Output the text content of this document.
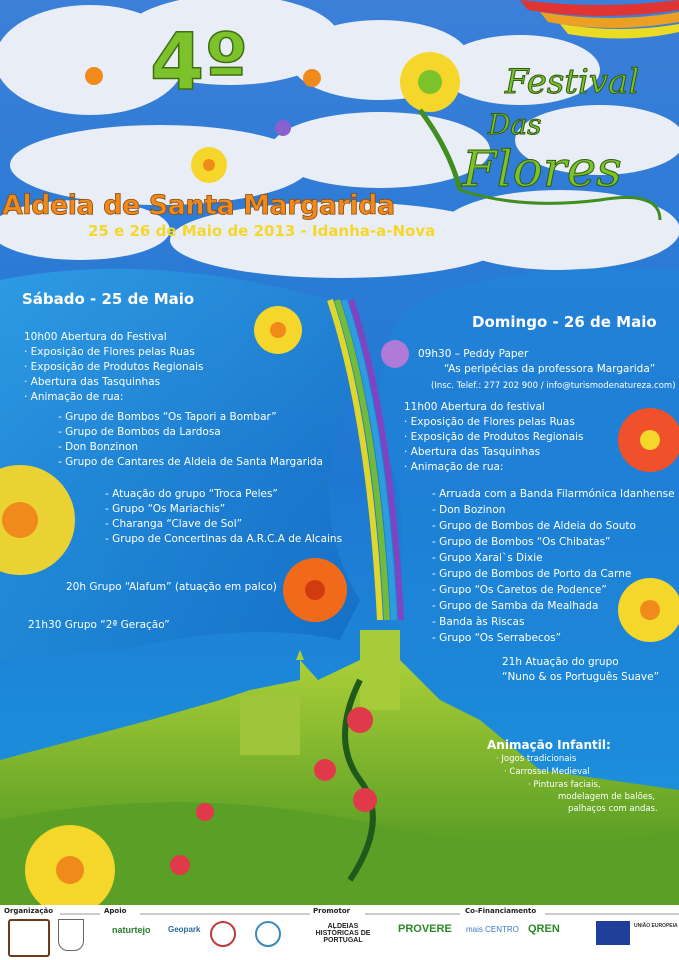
4º	Festival
Das
Flores
Aldeia de Santa Margarida
25 e 26 de Maio de 2013 - Idanha-a-Nova
Sábado - 25 de Maio
10h00 Abertura do Festival
· Exposição de Flores pelas Ruas
· Exposição de Produtos Regionais
· Abertura das Tasquinhas
· Animação de rua:
- Grupo de Bombos “Os Tapori a Bombar”
- Grupo de Bombos da Lardosa
- Don Bonzinon
- Grupo de Cantares de Aldeia de Santa Margarida
- Atuação do grupo “Troca Peles”
- Grupo “Os Mariachis”
- Charanga “Clave de Sol”
- Grupo de Concertinas da A.R.C.A de Alcains
20h Grupo “Alafum” (atuação em palco)
21h30 Grupo “2ª Geração”
Domingo - 26 de Maio
09h30 – Peddy Paper
“As peripécias da professora Margarida”
(Insc. Telef.: 277 202 900 / info@turismodenatureza.com)
11h00 Abertura do festival
· Exposição de Flores pelas Ruas
· Exposição de Produtos Regionais
· Abertura das Tasquinhas
· Animação de rua:
- Arruada com a Banda Filarmónica Idanhense
- Don Bozinon
- Grupo de Bombos de Aldeia do Souto
- Grupo de Bombos “Os Chibatas”
- Grupo Xaral`s Dixie
- Grupo de Bombos de Porto da Carne
- Grupo “Os Caretos de Podence”
- Grupo de Samba da Mealhada
- Banda às Riscas
- Grupo “Os Serrabecos”
21h Atuação do grupo
“Nuno & os Português Suave”
Animação Infantil:
· Jogos tradicionais
· Carrossel Medieval
· Pinturas faciais,
modelagem de balões,
palhaços com andas.
Organização	Apoio	Promotor	Co-Financiamento
naturtejo Geopark	ALDEIAS HISTÓRICAS DE PORTUGAL
PROVERE mais CENTRO QREN	UNIÃO EUROPEIA
